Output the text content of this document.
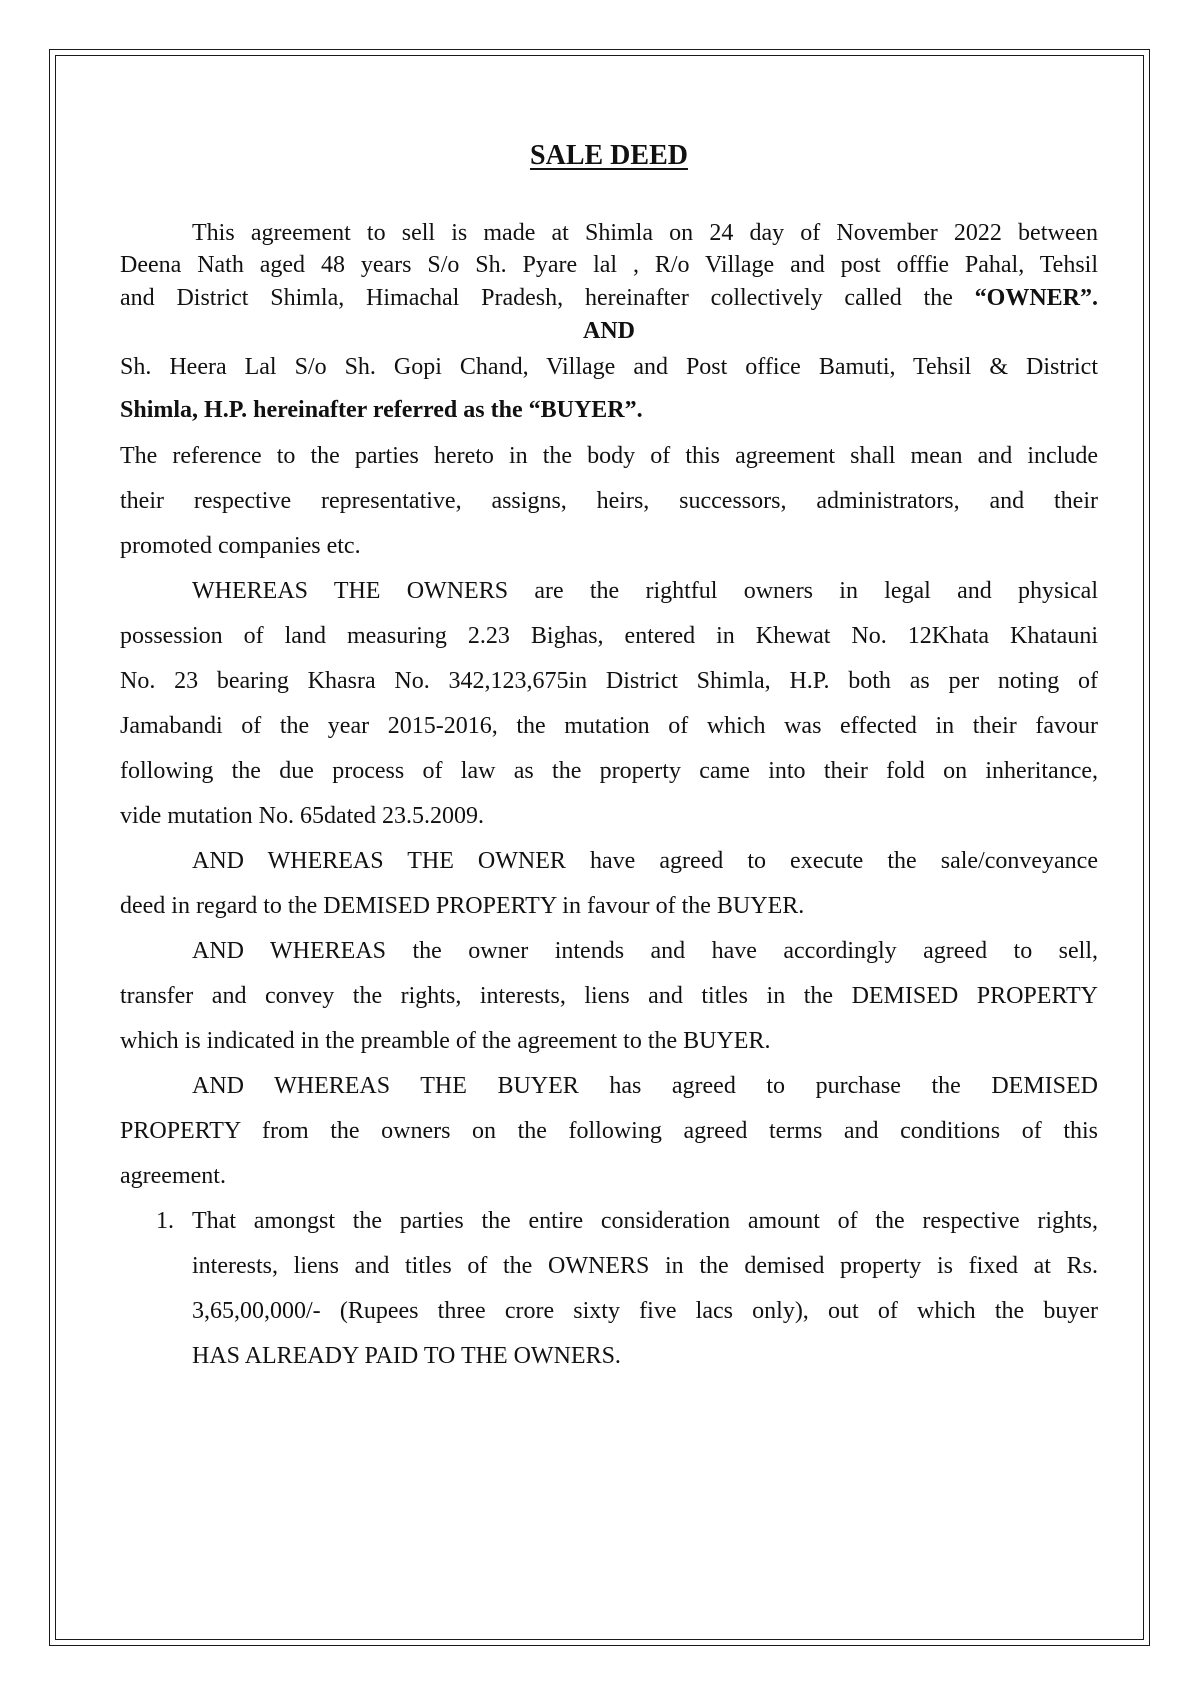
SALE DEED
This agreement to sell is made at Shimla on 24 day of November 2022 between
Deena Nath aged 48 years S/o Sh. Pyare lal , R/o Village and post offfie Pahal, Tehsil
and District Shimla, Himachal Pradesh, hereinafter collectively called the “OWNER”.
AND
Sh. Heera Lal S/o Sh. Gopi Chand, Village and Post office Bamuti, Tehsil & District
Shimla, H.P. hereinafter referred as the “BUYER”.
The reference to the parties hereto in the body of this agreement shall mean and include
their respective representative, assigns, heirs, successors, administrators, and their
promoted companies etc.
WHEREAS THE OWNERS are the rightful owners in legal and physical
possession of land measuring 2.23 Bighas, entered in Khewat No. 12Khata Khatauni
No. 23 bearing Khasra No. 342,123,675in District Shimla, H.P. both as per noting of
Jamabandi of the year 2015-2016, the mutation of which was effected in their favour
following the due process of law as the property came into their fold on inheritance,
vide mutation No. 65dated 23.5.2009.
AND WHEREAS THE OWNER have agreed to execute the sale/conveyance
deed in regard to the DEMISED PROPERTY in favour of the BUYER.
AND WHEREAS the owner intends and have accordingly agreed to sell,
transfer and convey the rights, interests, liens and titles in the DEMISED PROPERTY
which is indicated in the preamble of the agreement to the BUYER.
AND WHEREAS THE BUYER has agreed to purchase the DEMISED
PROPERTY from the owners on the following agreed terms and conditions of this
agreement.
1. That amongst the parties the entire consideration amount of the respective rights,
interests, liens and titles of the OWNERS in the demised property is fixed at Rs.
3,65,00,000/- (Rupees three crore sixty five lacs only), out of which the buyer
HAS ALREADY PAID TO THE OWNERS.
